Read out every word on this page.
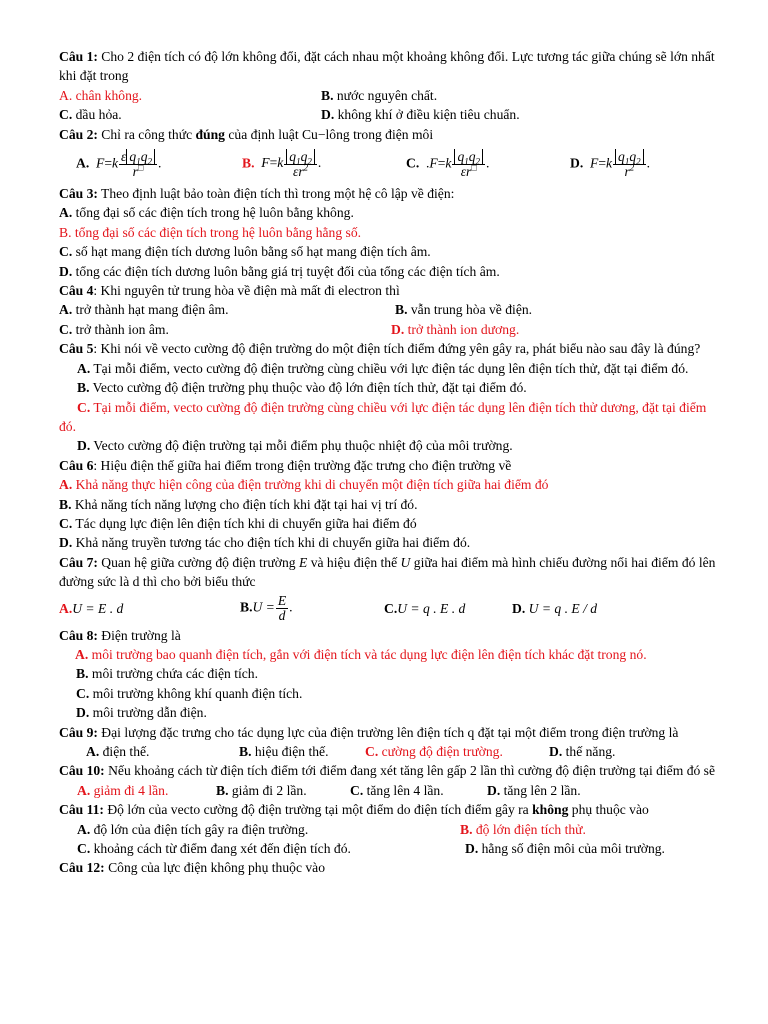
Câu 1: Cho 2 điện tích có độ lớn không đổi, đặt cách nhau một khoảng không đổi. Lực tương tác giữa chúng sẽ lớn nhất khi đặt trong
A. chân không.	B. nước nguyên chất.
C. dầu hỏa.	D. không khí ở điều kiện tiêu chuẩn.
Câu 2: Chỉ ra công thức đúng của định luật Cu−lông trong điện môi
A.  $F=k \frac{\varepsilon q_1q_2}{r^□}$ .	B.  $F=k \frac{q_1q_2}{\varepsilon r^2}$ .	C.  $.F=k \frac{q_1q_2}{\varepsilon r^□}$ .	D.  $F=k \frac{q_1q_2}{r^2}$ .
Câu 3: Theo định luật bảo toàn điện tích thì trong một hệ cô lập về điện:
A. tổng đại số các điện tích trong hệ luôn bằng không.
B. tổng đại số các điện tích trong hệ luôn bằng hằng số.
C. số hạt mang điện tích dương luôn bằng số hạt mang điện tích âm.
D. tổng các điện tích dương luôn bằng giá trị tuyệt đối của tổng các điện tích âm.
Câu 4: Khi nguyên tử trung hòa về điện mà mất đi electron thì
A. trở thành hạt mang điện âm.	B. vẫn trung hòa về điện.
C. trở thành ion âm.	D. trở thành ion dương.
Câu 5: Khi nói về vecto cường độ điện trường do một điện tích điểm đứng yên gây ra, phát biểu nào sau đây là đúng?
A. Tại mỗi điểm, vecto cường độ điện trường cùng chiều với lực điện tác dụng lên điện tích thử, đặt tại điểm đó.
B. Vecto cường độ điện trường phụ thuộc vào độ lớn điện tích thử, đặt tại điểm đó.
C. Tại mỗi điểm, vecto cường độ điện trường cùng chiều với lực điện tác dụng lên điện tích thử dương, đặt tại điểm đó.
D. Vecto cường độ điện trường tại mỗi điểm phụ thuộc nhiệt độ của môi trường.
Câu 6: Hiệu điện thế giữa hai điểm trong điện trường đặc trưng cho điện trường về
A. Khả năng thực hiện công của điện trường khi di chuyển một điện tích giữa hai điểm đó
B. Khả năng tích năng lượng cho điện tích khi đặt tại hai vị trí đó.
C. Tác dụng lực điện lên điện tích khi di chuyển giữa hai điểm đó
D. Khả năng truyền tương tác cho điện tích khi di chuyển giữa hai điểm đó.
Câu 7: Quan hệ giữa cường độ điện trường E và hiệu điện thế U giữa hai điểm mà hình chiếu đường nối hai điểm đó lên đường sức là d thì cho bởi biểu thức
A.U = E . d	$B.U = \frac{E}{d}$ .	C.U = q . E . d	D. U = q . E / d
Câu 8: Điện trường là
A. môi trường bao quanh điện tích, gắn với điện tích và tác dụng lực điện lên điện tích khác đặt trong nó.
B. môi trường chứa các điện tích.
C. môi trường không khí quanh điện tích.
D. môi trường dẫn điện.
Câu 9: Đại lượng đặc trưng cho tác dụng lực của điện trường lên điện tích q đặt tại một điểm trong điện trường là
A. điện thế.	B. hiệu điện thế.	C. cường độ điện trường.	D. thế năng.
Câu 10: Nếu khoảng cách từ điện tích điểm tới điểm đang xét tăng lên gấp 2 lần thì cường độ điện trường tại điểm đó sẽ
A. giảm đi 4 lần.	B. giảm đi 2 lần.	C. tăng lên 4 lần.	D. tăng lên 2 lần.
Câu 11: Độ lớn của vecto cường độ điện trường tại một điểm do điện tích điểm gây ra không phụ thuộc vào
A. độ lớn của điện tích gây ra điện trường.	B. độ lớn điện tích thử.
C. khoảng cách từ điểm đang xét đến điện tích đó.	D. hằng số điện môi của môi trường.
Câu 12: Công của lực điện không phụ thuộc vào
